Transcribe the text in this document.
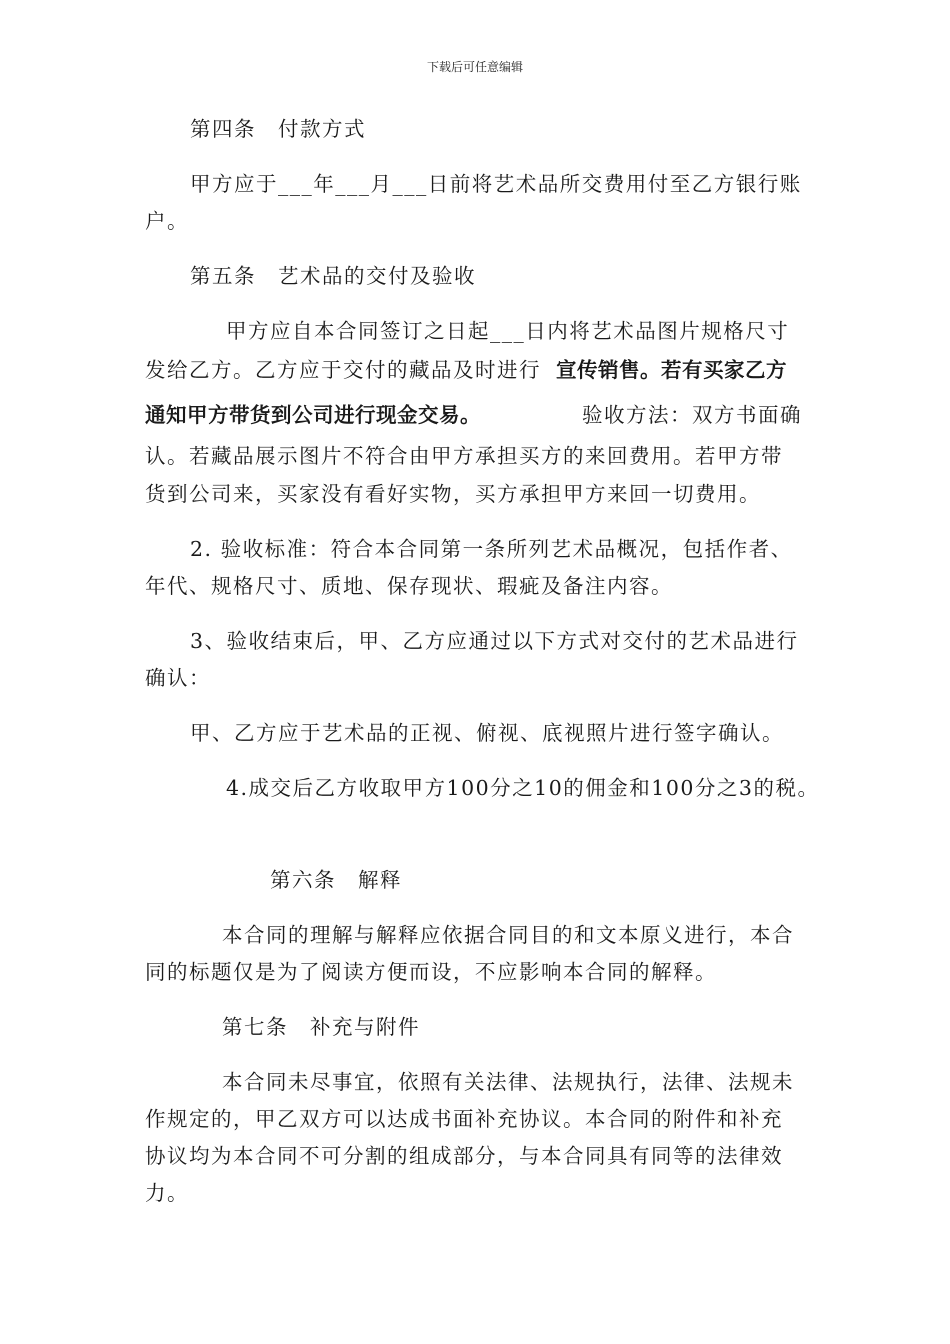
下载后可任意编辑
第四条　付款方式
甲方应于___年___月___日前将艺术品所交费用付至乙方银行账
户。
第五条　艺术品的交付及验收
甲方应自本合同签订之日起___日内将艺术品图片规格尺寸
发给乙方。乙方应于交付的藏品及时进行 宣传销售。若有买家乙方
通知甲方带货到公司进行现金交易。	验收方法：双方书面确
认。若藏品展示图片不符合由甲方承担买方的来回费用。若甲方带
货到公司来，买家没有看好实物，买方承担甲方来回一切费用。
2. 验收标准：符合本合同第一条所列艺术品概况，包括作者、
年代、规格尺寸、质地、保存现状、瑕疵及备注内容。
3、验收结束后，甲、乙方应通过以下方式对交付的艺术品进行
确认：
甲、乙方应于艺术品的正视、俯视、底视照片进行签字确认。
4.成交后乙方收取甲方100分之10的佣金和100分之3的税。
第六条　解释
本合同的理解与解释应依据合同目的和文本原义进行，本合
同的标题仅是为了阅读方便而设，不应影响本合同的解释。
第七条　补充与附件
本合同未尽事宜，依照有关法律、法规执行，法律、法规未
作规定的，甲乙双方可以达成书面补充协议。本合同的附件和补充
协议均为本合同不可分割的组成部分，与本合同具有同等的法律效
力。
